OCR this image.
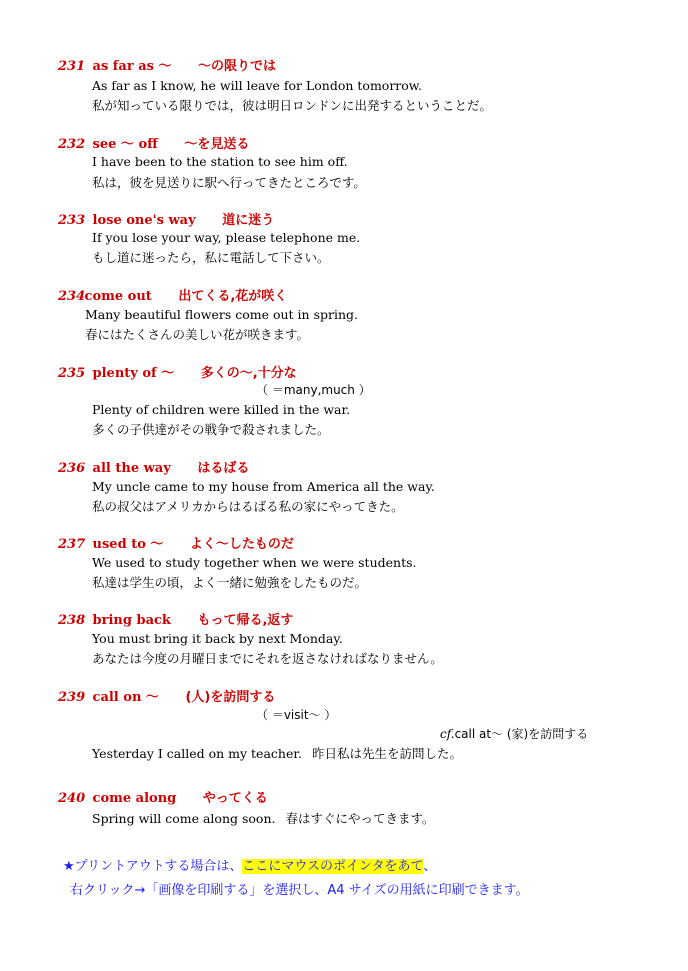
231 as far as ～ ～の限りでは
As far as I know, he will leave for London tomorrow.
私が知っている限りでは，彼は明日ロンドンに出発するということだ。
232 see ～ off ～を見送る
I have been to the station to see him off.
私は，彼を見送りに駅へ行ってきたところです。
233 lose one's way 道に迷う
If you lose your way, please telephone me.
もし道に迷ったら，私に電話して下さい。
234 come out 出てくる,花が咲く
Many beautiful flowers come out in spring.
春にはたくさんの美しい花が咲きます。
235 plenty of ～ 多くの～,十分な
（ ＝many,much ）
Plenty of children were killed in the war.
多くの子供達がその戦争で殺されました。
236 all the way はるばる
My uncle came to my house from America all the way.
私の叔父はアメリカからはるばる私の家にやってきた。
237 used to ～ よく～したものだ
We used to study together when we were students.
私達は学生の頃，よく一緒に勉強をしたものだ。
238 bring back もって帰る,返す
You must bring it back by next Monday.
あなたは今度の月曜日までにそれを返さなければなりません。
239 call on ～ (人)を訪問する
（ ＝visit～ ）
cf.call at～ (家)を訪問する
Yesterday I called on my teacher. 昨日私は先生を訪問した。
240 come along やってくる
Spring will come along soon. 春はすぐにやってきます。
★プリントアウトする場合は、ここにマウスのポインタをあて、
右クリック→「画像を印刷する」を選択し、A4 サイズの用紙に印刷できます。
